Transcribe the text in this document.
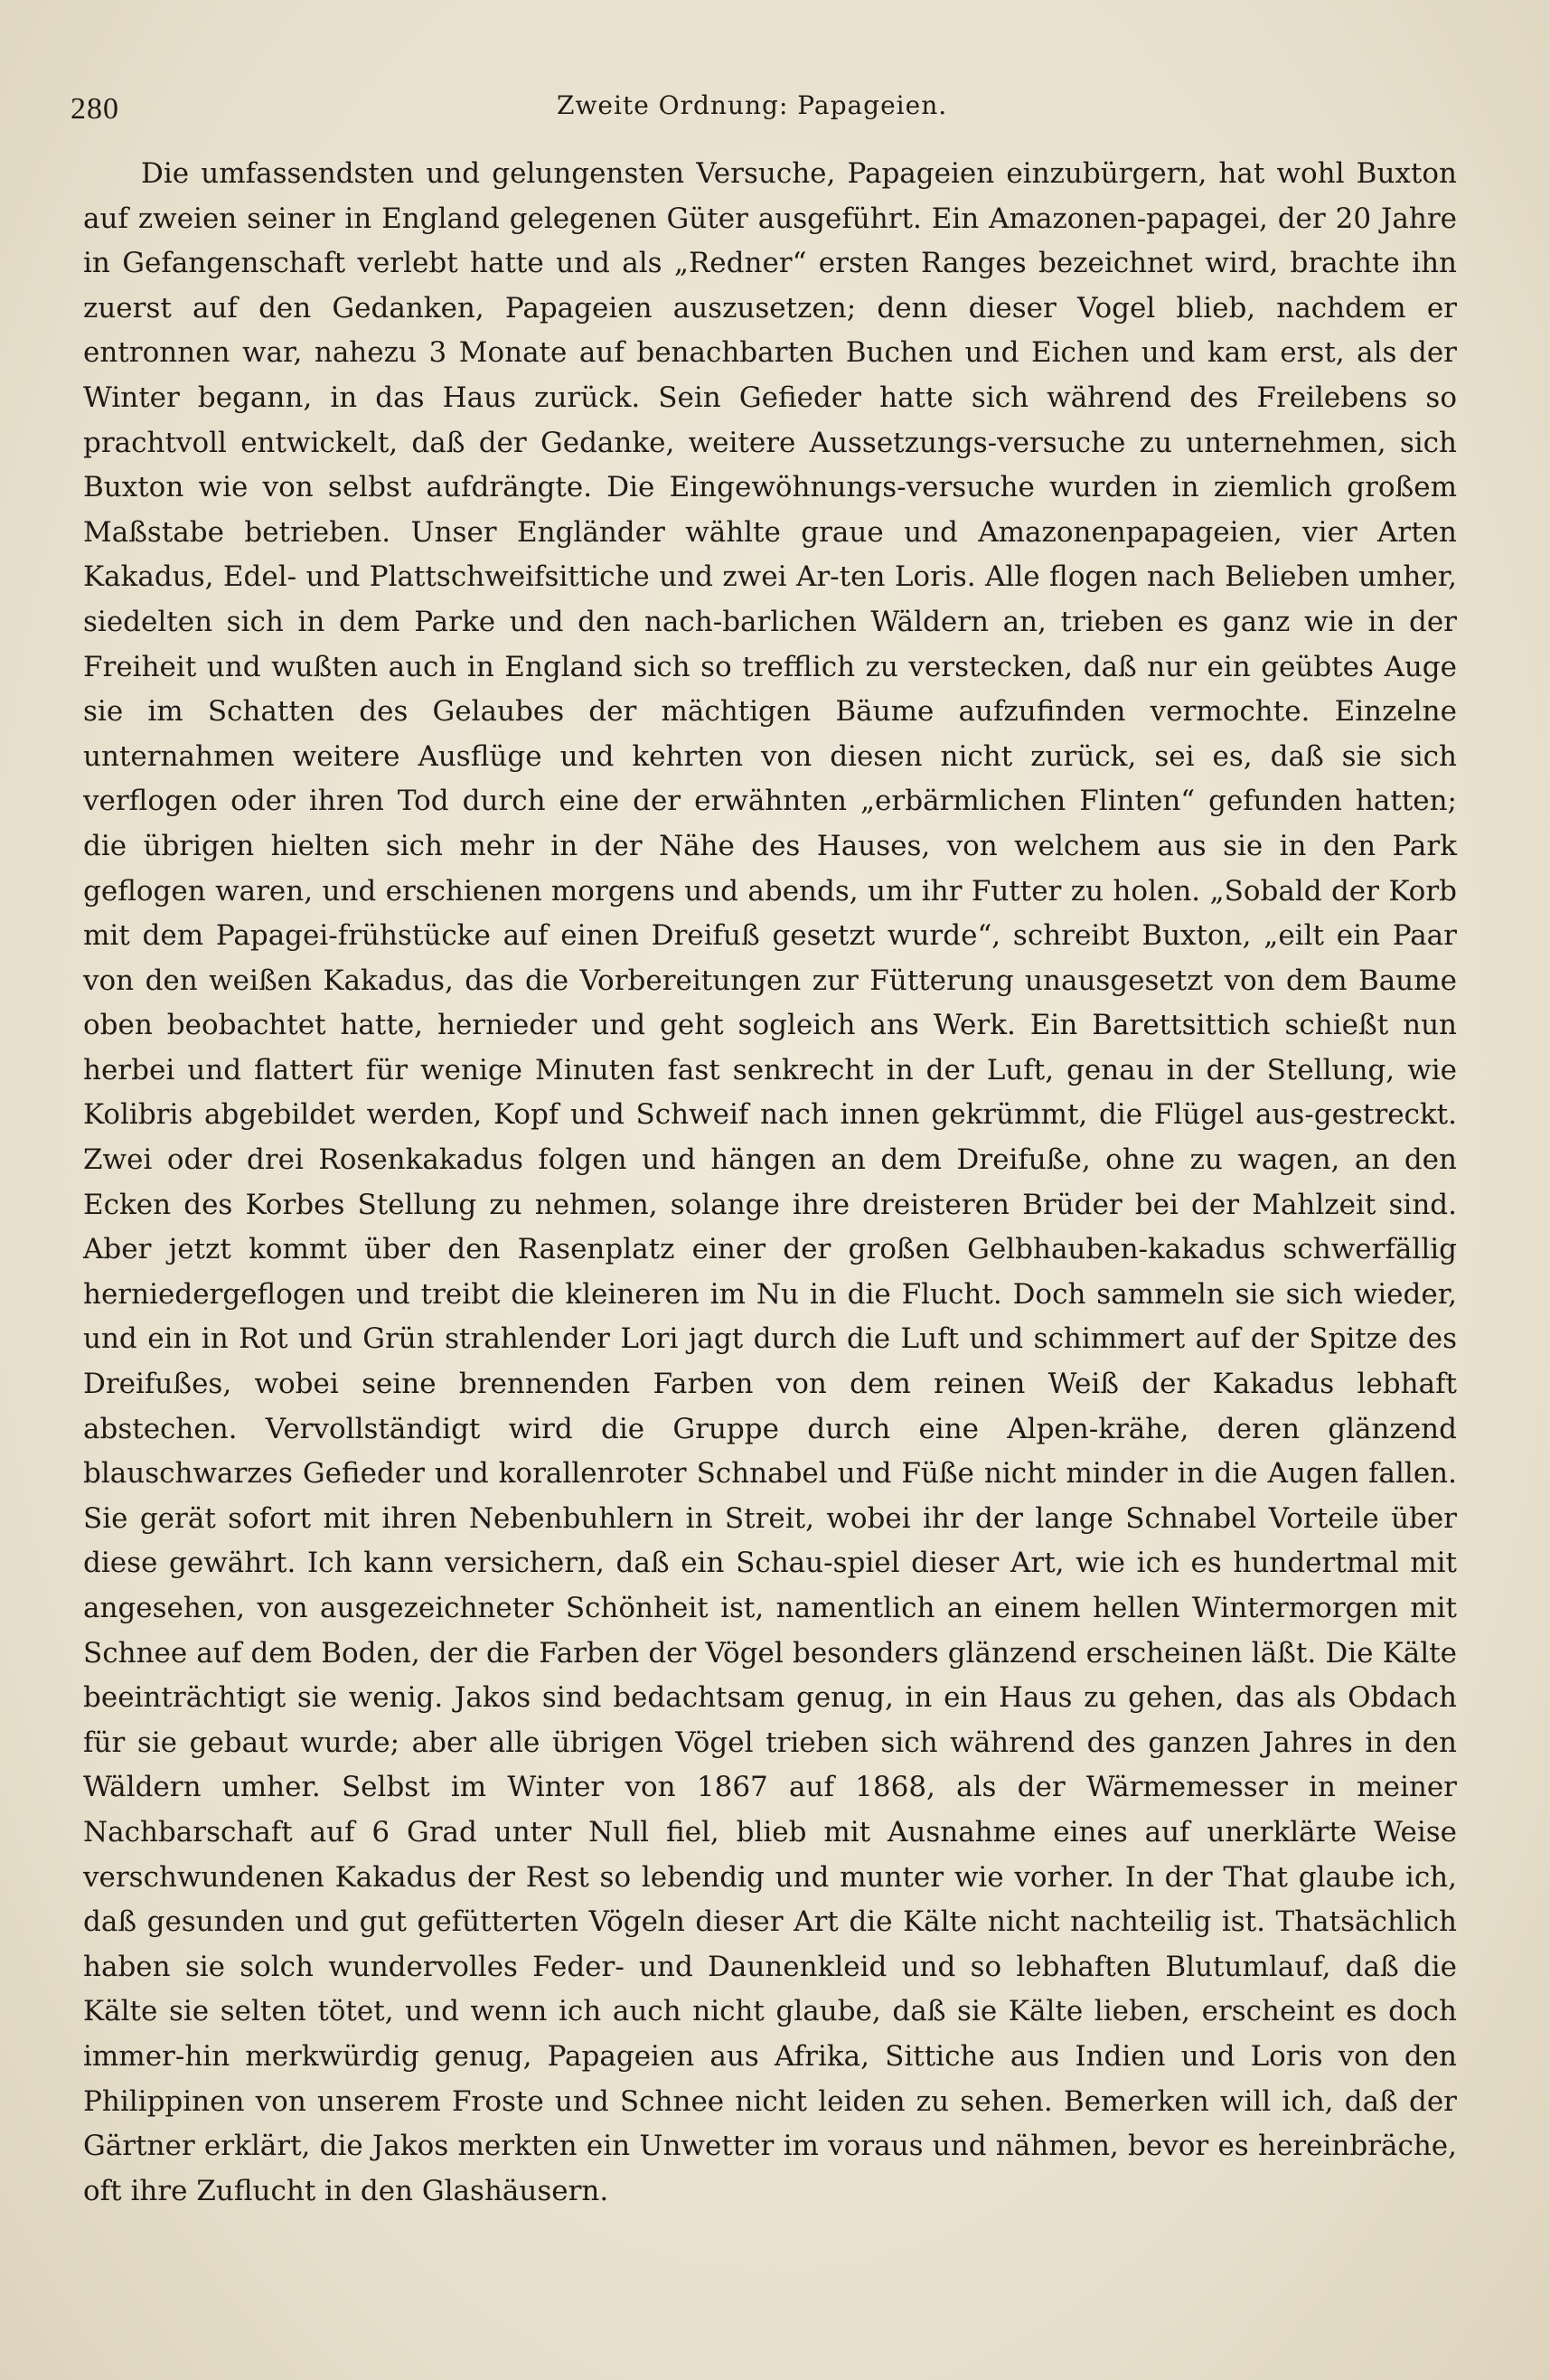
280	Zweite Ordnung: Papageien.

Die umfassendsten und gelungensten Versuche, Papageien einzubürgern, hat wohl Buxton auf zweien seiner in England gelegenen Güter ausgeführt. Ein Amazonen-papagei, der 20 Jahre in Gefangenschaft verlebt hatte und als „Redner“ ersten Ranges bezeichnet wird, brachte ihn zuerst auf den Gedanken, Papageien auszusetzen; denn dieser Vogel blieb, nachdem er entronnen war, nahezu 3 Monate auf benachbarten Buchen und Eichen und kam erst, als der Winter begann, in das Haus zurück. Sein Gefieder hatte sich während des Freilebens so prachtvoll entwickelt, daß der Gedanke, weitere Aussetzungs-versuche zu unternehmen, sich Buxton wie von selbst aufdrängte. Die Eingewöhnungs-versuche wurden in ziemlich großem Maßstabe betrieben. Unser Engländer wählte graue und Amazonenpapageien, vier Arten Kakadus, Edel- und Plattschweifsittiche und zwei Ar-ten Loris. Alle flogen nach Belieben umher, siedelten sich in dem Parke und den nach-barlichen Wäldern an, trieben es ganz wie in der Freiheit und wußten auch in England sich so trefflich zu verstecken, daß nur ein geübtes Auge sie im Schatten des Gelaubes der mächtigen Bäume aufzufinden vermochte. Einzelne unternahmen weitere Ausflüge und kehrten von diesen nicht zurück, sei es, daß sie sich verflogen oder ihren Tod durch eine der erwähnten „erbärmlichen Flinten“ gefunden hatten; die übrigen hielten sich mehr in der Nähe des Hauses, von welchem aus sie in den Park geflogen waren, und erschienen morgens und abends, um ihr Futter zu holen. „Sobald der Korb mit dem Papagei-frühstücke auf einen Dreifuß gesetzt wurde“, schreibt Buxton, „eilt ein Paar von den weißen Kakadus, das die Vorbereitungen zur Fütterung unausgesetzt von dem Baume oben beobachtet hatte, hernieder und geht sogleich ans Werk. Ein Barettsittich schießt nun herbei und flattert für wenige Minuten fast senkrecht in der Luft, genau in der Stellung, wie Kolibris abgebildet werden, Kopf und Schweif nach innen gekrümmt, die Flügel aus-gestreckt. Zwei oder drei Rosenkakadus folgen und hängen an dem Dreifuße, ohne zu wagen, an den Ecken des Korbes Stellung zu nehmen, solange ihre dreisteren Brüder bei der Mahlzeit sind. Aber jetzt kommt über den Rasenplatz einer der großen Gelbhauben-kakadus schwerfällig herniedergeflogen und treibt die kleineren im Nu in die Flucht. Doch sammeln sie sich wieder, und ein in Rot und Grün strahlender Lori jagt durch die Luft und schimmert auf der Spitze des Dreifußes, wobei seine brennenden Farben von dem reinen Weiß der Kakadus lebhaft abstechen. Vervollständigt wird die Gruppe durch eine Alpen-krähe, deren glänzend blauschwarzes Gefieder und korallenroter Schnabel und Füße nicht minder in die Augen fallen. Sie gerät sofort mit ihren Nebenbuhlern in Streit, wobei ihr der lange Schnabel Vorteile über diese gewährt. Ich kann versichern, daß ein Schau-spiel dieser Art, wie ich es hundertmal mit angesehen, von ausgezeichneter Schönheit ist, namentlich an einem hellen Wintermorgen mit Schnee auf dem Boden, der die Farben der Vögel besonders glänzend erscheinen läßt. Die Kälte beeinträchtigt sie wenig. Jakos sind bedachtsam genug, in ein Haus zu gehen, das als Obdach für sie gebaut wurde; aber alle übrigen Vögel trieben sich während des ganzen Jahres in den Wäldern umher. Selbst im Winter von 1867 auf 1868, als der Wärmemesser in meiner Nachbarschaft auf 6 Grad unter Null fiel, blieb mit Ausnahme eines auf unerklärte Weise verschwundenen Kakadus der Rest so lebendig und munter wie vorher. In der That glaube ich, daß gesunden und gut gefütterten Vögeln dieser Art die Kälte nicht nachteilig ist. Thatsächlich haben sie solch wundervolles Feder- und Daunenkleid und so lebhaften Blutumlauf, daß die Kälte sie selten tötet, und wenn ich auch nicht glaube, daß sie Kälte lieben, erscheint es doch immer-hin merkwürdig genug, Papageien aus Afrika, Sittiche aus Indien und Loris von den Philippinen von unserem Froste und Schnee nicht leiden zu sehen. Bemerken will ich, daß der Gärtner erklärt, die Jakos merkten ein Unwetter im voraus und nähmen, bevor es hereinbräche, oft ihre Zuflucht in den Glashäusern.
